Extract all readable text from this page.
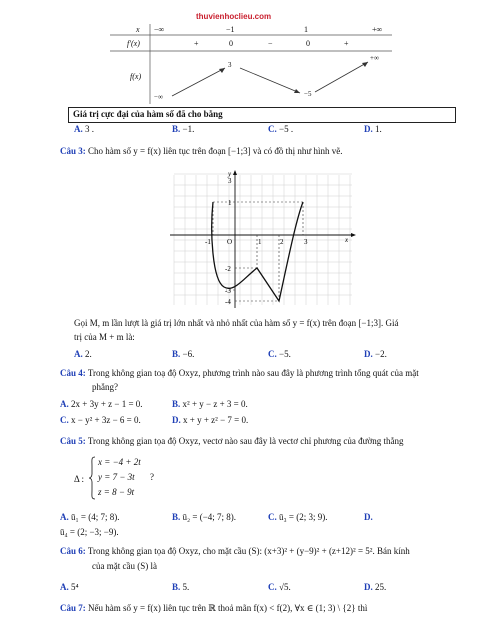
thuvienhoclieu.com
x −∞	−1	1	+∞
f′(x)	+	0	−	0	+
f(x)
−∞
3
−5
+∞
Giá trị cực đại của hàm số đã cho bằng
A. 3 .	B. −1.	C. −5 .	D. 1.
Câu 3: Cho hàm số y = f(x) liên tục trên đoạn [−1;3] và có đồ thị như hình vẽ.
O
-1	1	2	3
1
-2
-3
-4
3
x
y
Gọi M, m lần lượt là giá trị lớn nhất và nhỏ nhất của hàm số y = f(x) trên đoạn [−1;3]. Giá
trị của M + m là:
A. 2.	B. −6.	C. −5.	D. −2.
Câu 4: Trong không gian toạ độ Oxyz, phương trình nào sau đây là phương trình tổng quát của mặt
phẳng?
A. 2x + 3y + z − 1 = 0.	B. x² + y − z + 3 = 0.
C. x − y² + 3z − 6 = 0.	D. x + y + z² − 7 = 0.
Câu 5: Trong không gian tọa độ Oxyz, vectơ nào sau đây là vectơ chỉ phương của đường thẳng
Δ :
x = −4 + 2t
y = 7 − 3t
z = 8 − 9t
?
A. ū₁ = (4; 7; 8).	B. ū₂ = (−4; 7; 8).	C. ū₃ = (2; 3; 9).	D.
ū₄ = (2; −3; −9).
Câu 6: Trong không gian tọa độ Oxyz, cho mặt cầu (S): (x+3)² + (y−9)² + (z+12)² = 5². Bán kính
của mặt cầu (S) là
A. 5⁴	B. 5.	C. √5.	D. 25.
Câu 7: Nếu hàm số y = f(x) liên tục trên ℝ thoả mãn f(x) < f(2), ∀x ∈ (1; 3) \ {2} thì
